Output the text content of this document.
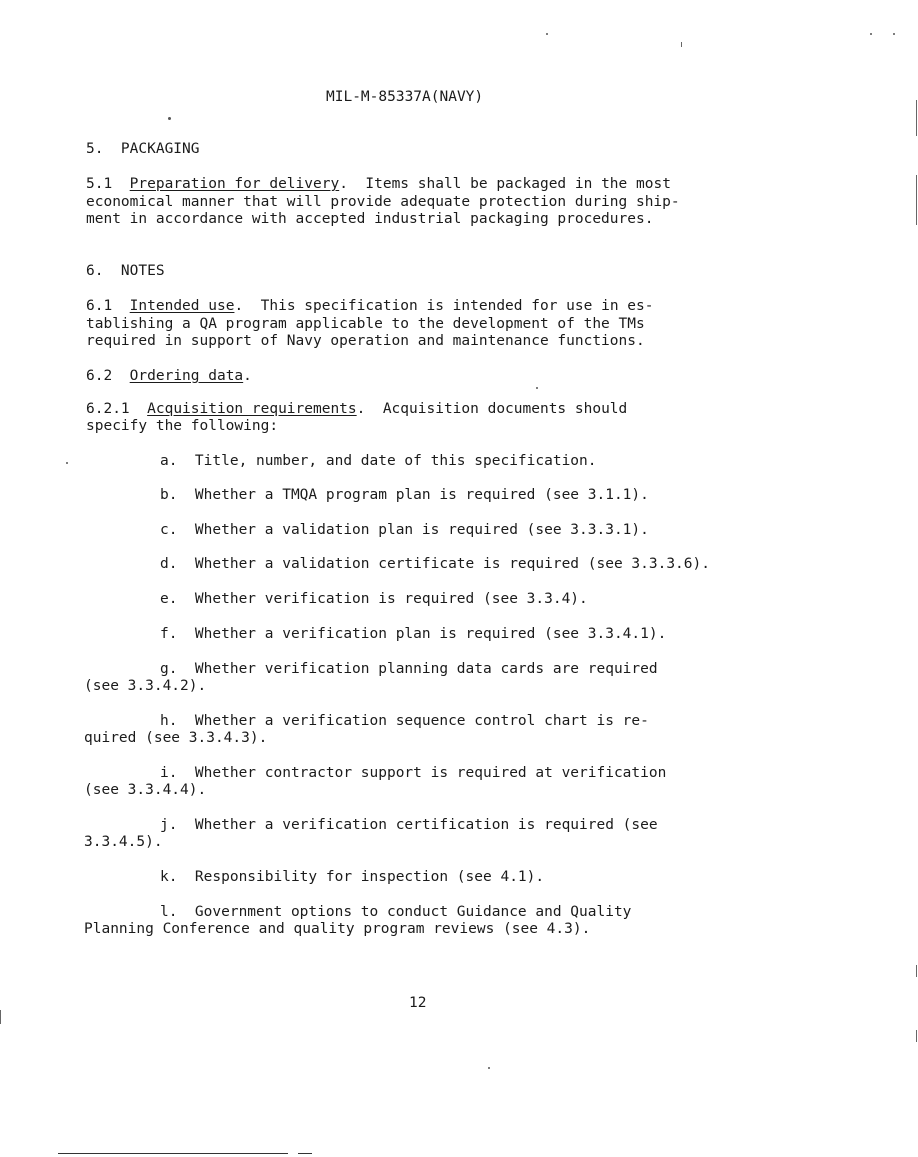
MIL-M-85337A(NAVY)
5.  PACKAGING
5.1 Preparation for delivery.  Items shall be packaged in the most
economical manner that will provide adequate protection during ship-
ment in accordance with accepted industrial packaging procedures.
6.  NOTES
6.1 Intended use.  This specification is intended for use in es-
tablishing a QA program applicable to the development of the TMs
required in support of Navy operation and maintenance functions.
6.2 Ordering data.
6.2.1 Acquisition requirements.  Acquisition documents should
specify the following:
a.  Title, number, and date of this specification.
b.  Whether a TMQA program plan is required (see 3.1.1).
c.  Whether a validation plan is required (see 3.3.3.1).
d.  Whether a validation certificate is required (see 3.3.3.6).
e.  Whether verification is required (see 3.3.4).
f.  Whether a verification plan is required (see 3.3.4.1).
g.  Whether verification planning data cards are required
(see 3.3.4.2).
h.  Whether a verification sequence control chart is re-
quired (see 3.3.4.3).
i.  Whether contractor support is required at verification
(see 3.3.4.4).
j.  Whether a verification certification is required (see
3.3.4.5).
k.  Responsibility for inspection (see 4.1).
l.  Government options to conduct Guidance and Quality
Planning Conference and quality program reviews (see 4.3).
12
